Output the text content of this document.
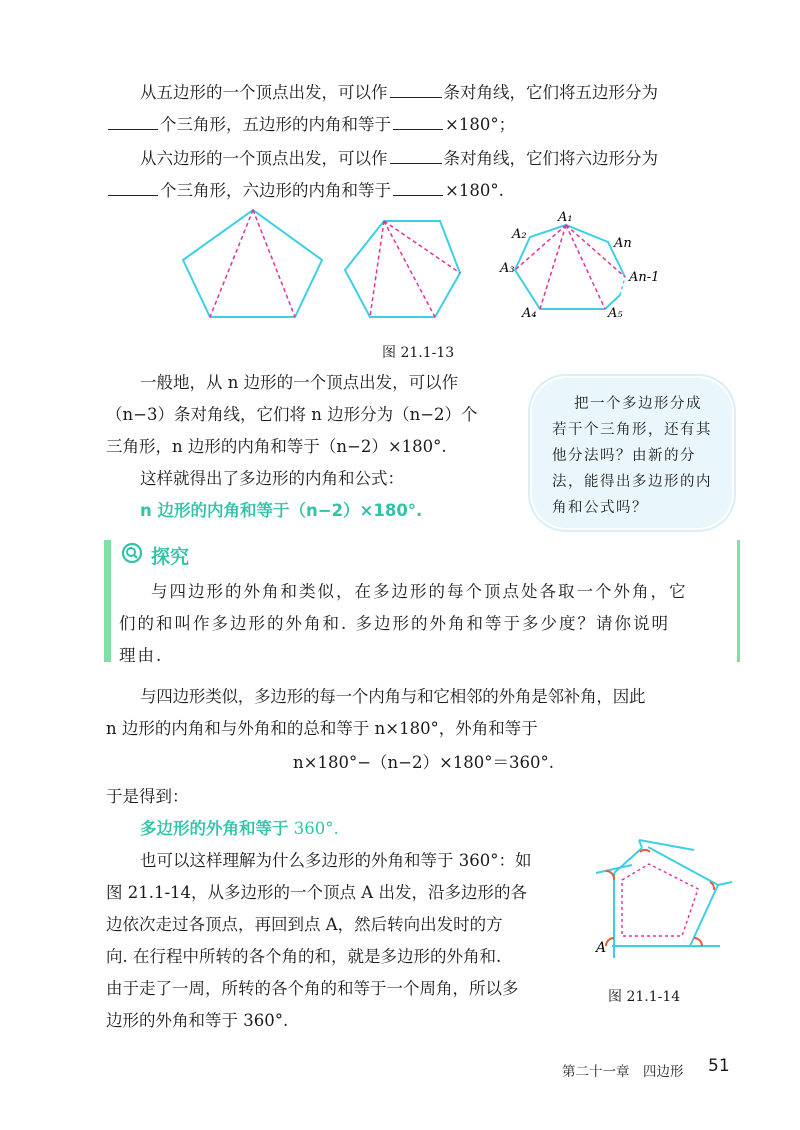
从五边形的一个顶点出发，可以作	条对角线，它们将五边形分为
个三角形，五边形的内角和等于	×180°；
从六边形的一个顶点出发，可以作	条对角线，它们将六边形分为
个三角形，六边形的内角和等于	×180°.
A₁
A₂
A₃
A₄	A₅
An
An-1
图 21.1-13
一般地，从 n 边形的一个顶点出发，可以作
（n−3）条对角线，它们将 n 边形分为（n−2）个
三角形，n 边形的内角和等于（n−2）×180°.
这样就得出了多边形的内角和公式：
n 边形的内角和等于（n−2）×180°.
把一个多边形分成
若干个三角形，还有其
他分法吗？由新的分
法，能得出多边形的内
角和公式吗？
探究
与四边形的外角和类似，在多边形的每个顶点处各取一个外角，它
们的和叫作多边形的外角和. 多边形的外角和等于多少度？请你说明
理由.
与四边形类似，多边形的每一个内角与和它相邻的外角是邻补角，因此
n 边形的内角和与外角和的总和等于 n×180°，外角和等于
n×180°−（n−2）×180°＝360°.
于是得到：
多边形的外角和等于 360°.
也可以这样理解为什么多边形的外角和等于 360°：如
图 21.1-14，从多边形的一个顶点 A 出发，沿多边形的各
边依次走过各顶点，再回到点 A，然后转向出发时的方
向. 在行程中所转的各个角的和，就是多边形的外角和.
由于走了一周，所转的各个角的和等于一个周角，所以多
边形的外角和等于 360°.
A
图 21.1-14
第二十一章　四边形 51
